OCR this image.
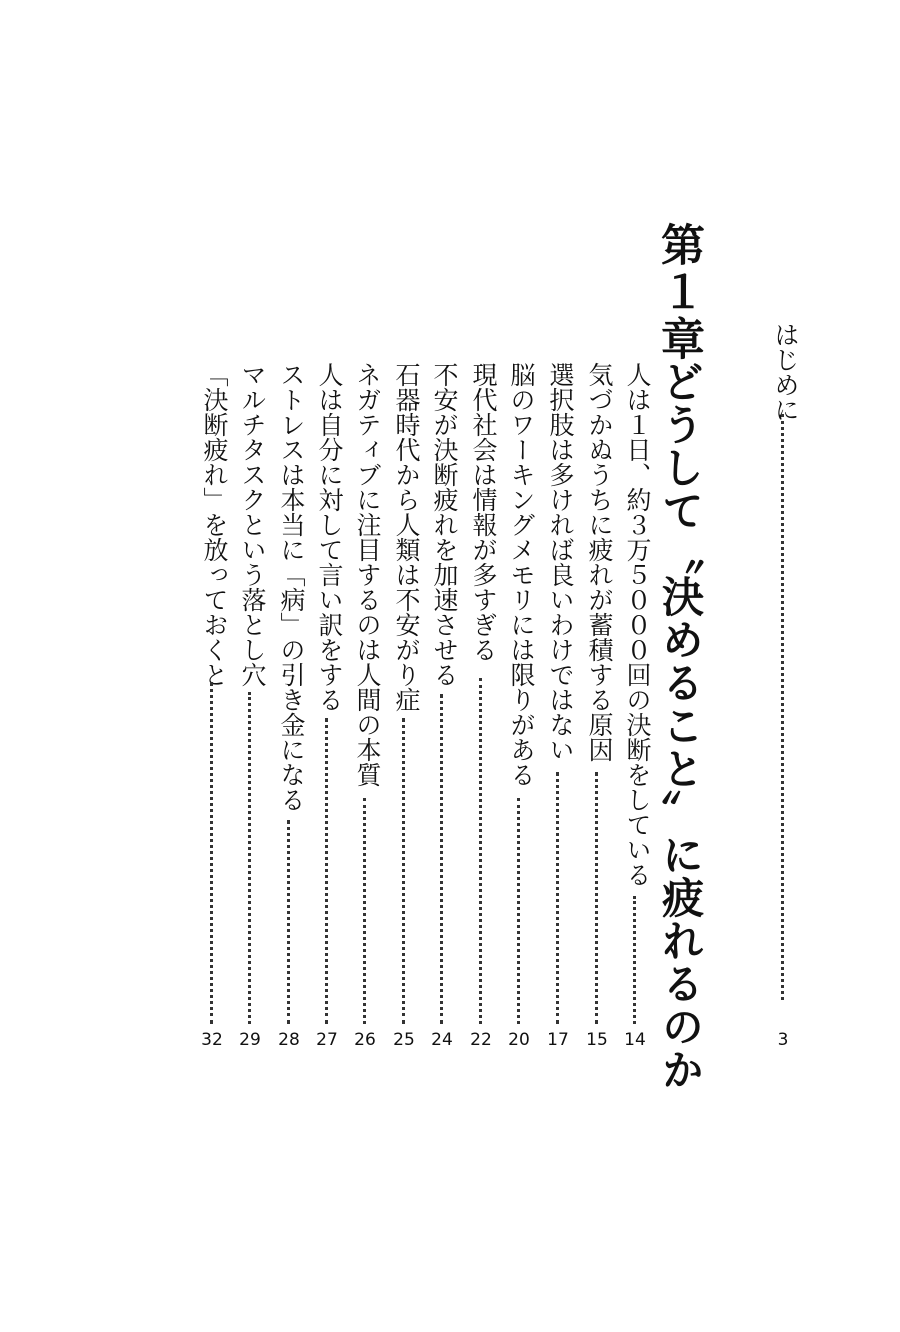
はじめに
3
第１章
どうして〝決めること〟に疲れるのか
人は１日、約３万５０００回の決断をしている
14
気づかぬうちに疲れが蓄積する原因
15
選択肢は多ければ良いわけではない
17
脳のワーキングメモリには限りがある
20
現代社会は情報が多すぎる
22
不安が決断疲れを加速させる
24
石器時代から人類は不安がり症
25
ネガティブに注目するのは人間の本質
26
人は自分に対して言い訳をする
27
ストレスは本当に「病」の引き金になる
28
マルチタスクという落とし穴
29
「決断疲れ」を放っておくと
32
